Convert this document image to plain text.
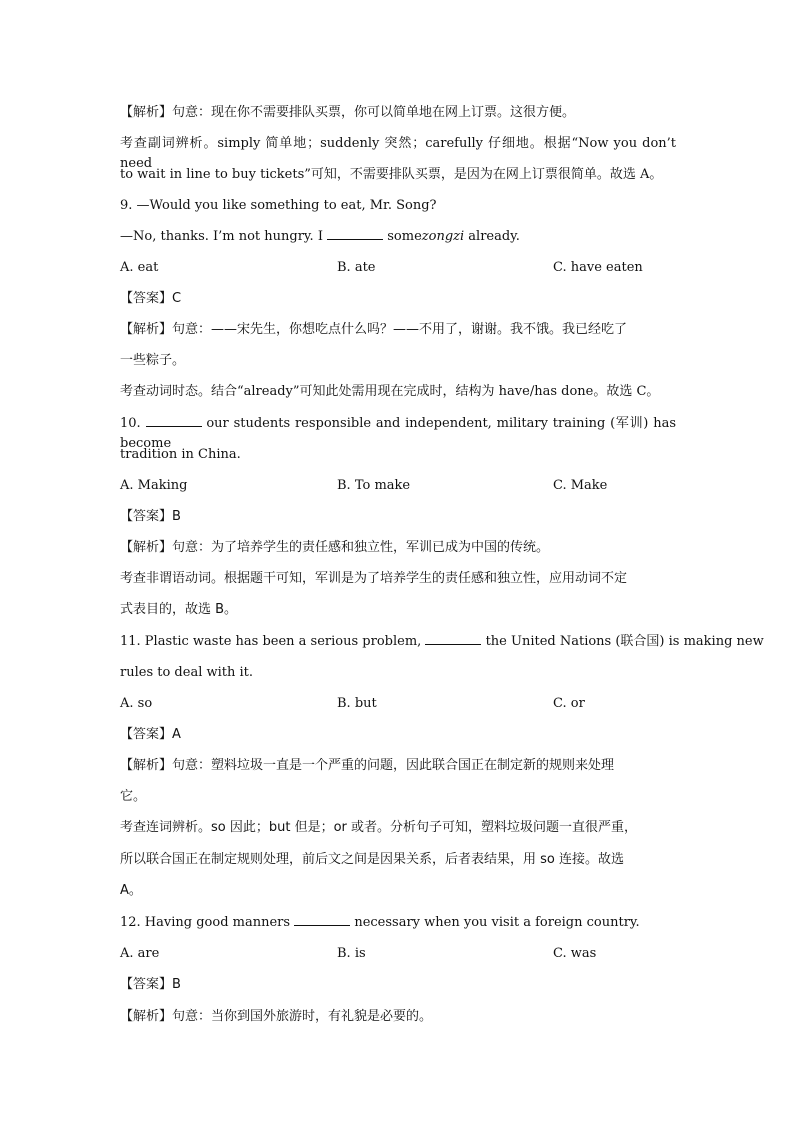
【解析】句意：现在你不需要排队买票，你可以简单地在网上订票。这很方便。
考查副词辨析。simply 简单地；suddenly 突然；carefully 仔细地。根据“Now you don’t need
to wait in line to buy tickets”可知，不需要排队买票，是因为在网上订票很简单。故选 A。
9. —Would you like something to eat, Mr. Song?
—No, thanks. I’m not hungry. I	somezongzi already.
A. eat	B. ate	C. have eaten
【答案】C
【解析】句意：——宋先生，你想吃点什么吗？——不用了，谢谢。我不饿。我已经吃了
一些粽子。
考查动词时态。结合“already”可知此处需用现在完成时，结构为 have/has done。故选 C。
10.	our students responsible and independent, military training (军训) has become
tradition in China.
A. Making	B. To make	C. Make
【答案】B
【解析】句意：为了培养学生的责任感和独立性，军训已成为中国的传统。
考查非谓语动词。根据题干可知，军训是为了培养学生的责任感和独立性，应用动词不定
式表目的，故选 B。
11. Plastic waste has been a serious problem,	the United Nations (联合国) is making new
rules to deal with it.
A. so	B. but	C. or
【答案】A
【解析】句意：塑料垃圾一直是一个严重的问题，因此联合国正在制定新的规则来处理
它。
考查连词辨析。so 因此；but 但是；or 或者。分析句子可知，塑料垃圾问题一直很严重，
所以联合国正在制定规则处理，前后文之间是因果关系，后者表结果，用 so 连接。故选
A。
12. Having good manners	necessary when you visit a foreign country.
A. are	B. is	C. was
【答案】B
【解析】句意：当你到国外旅游时，有礼貌是必要的。
